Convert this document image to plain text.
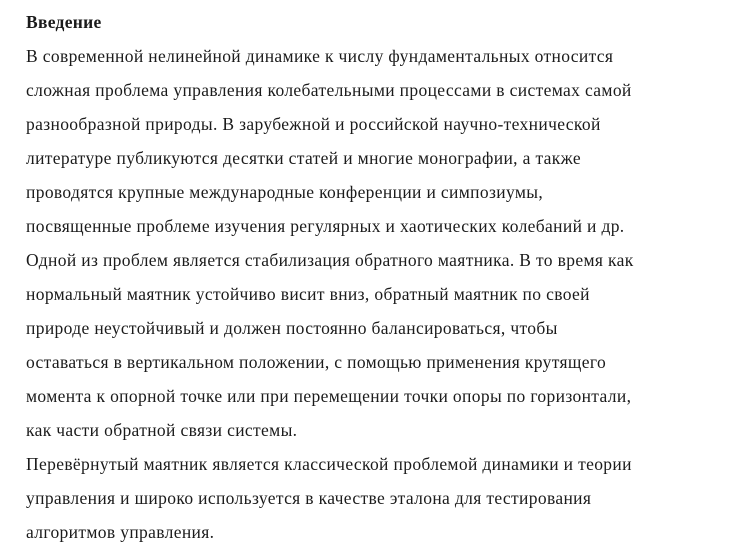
Введение
В современной нелинейной динамике к числу фундаментальных относится
сложная проблема управления колебательными процессами в системах самой
разнообразной природы. В зарубежной и российской научно-технической
литературе публикуются десятки статей и многие монографии, а также
проводятся крупные международные конференции и симпозиумы,
посвященные проблеме изучения регулярных и хаотических колебаний и др.
Одной из проблем является стабилизация обратного маятника. В то время как
нормальный маятник устойчиво висит вниз, обратный маятник по своей
природе неустойчивый и должен постоянно балансироваться, чтобы
оставаться в вертикальном положении, с помощью применения крутящего
момента к опорной точке или при перемещении точки опоры по горизонтали,
как части обратной связи системы.
Перевёрнутый маятник является классической проблемой динамики и теории
управления и широко используется в качестве эталона для тестирования
алгоритмов управления.
